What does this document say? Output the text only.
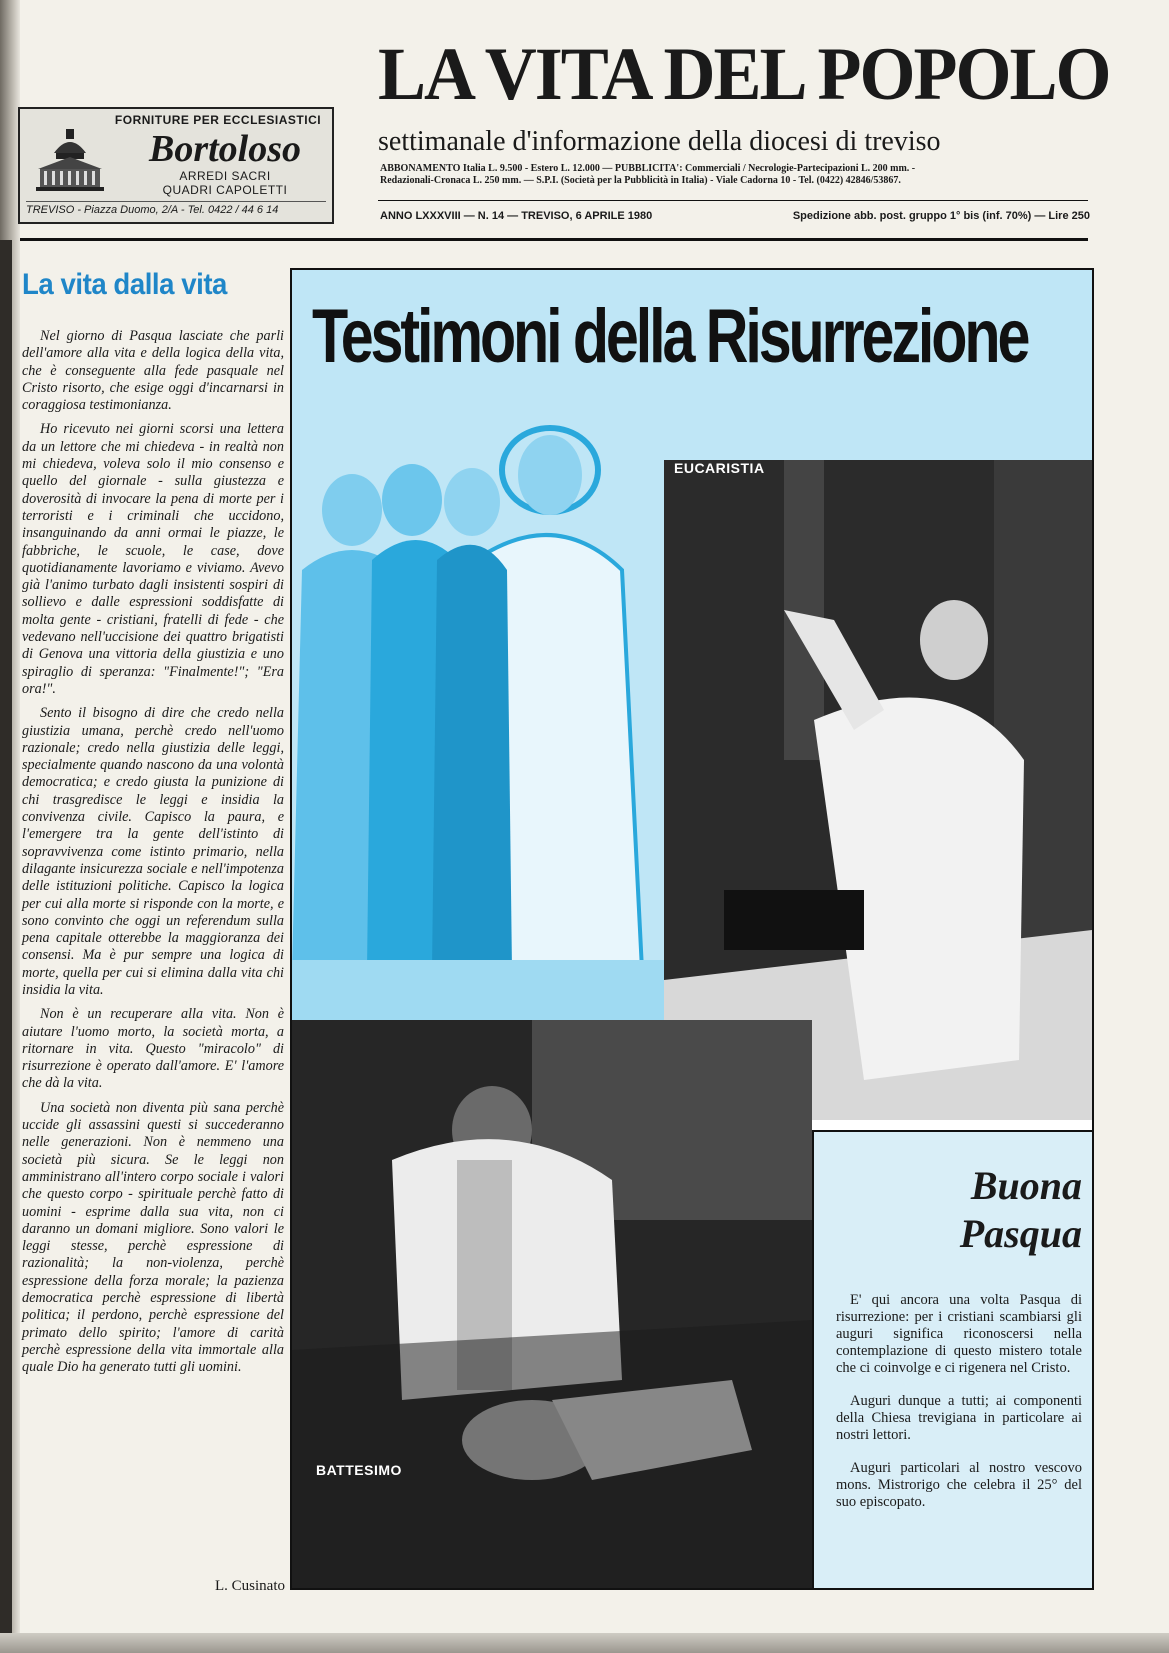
FORNITURE PER ECCLESIASTICI
Bortoloso
ARREDI SACRI
QUADRI CAPOLETTI
TREVISO - Piazza Duomo, 2/A - Tel. 0422 / 44 6 14
LA VITA DEL POPOLO
settimanale d'informazione della diocesi di treviso
ABBONAMENTO Italia L. 9.500 - Estero L. 12.000 — PUBBLICITA': Commerciali / Necrologie-Partecipazioni L. 200 mm. -
Redazionali-Cronaca L. 250 mm. — S.P.I. (Società per la Pubblicità in Italia) - Viale Cadorna 10 - Tel. (0422) 42846/53867.
ANNO LXXXVIII — N. 14 — TREVISO, 6 APRILE 1980	Spedizione abb. post. gruppo 1° bis (inf. 70%) — Lire 250
La vita dalla vita

Nel giorno di Pasqua lasciate che parli dell'amore alla vita e della logica della vita, che è conseguente alla fede pasquale nel Cristo risorto, che esige oggi d'incarnarsi in coraggiosa testimonianza.

Ho ricevuto nei giorni scorsi una lettera da un lettore che mi chiedeva - in realtà non mi chiedeva, voleva solo il mio consenso e quello del giornale - sulla giustezza e doverosità di invocare la pena di morte per i terroristi e i criminali che uccidono, insanguinando da anni ormai le piazze, le fabbriche, le scuole, le case, dove quotidianamente lavoriamo e viviamo. Avevo già l'animo turbato dagli insistenti sospiri di sollievo e dalle espressioni soddisfatte di molta gente - cristiani, fratelli di fede - che vedevano nell'uccisione dei quattro brigatisti di Genova una vittoria della giustizia e uno spiraglio di speranza: "Finalmente!"; "Era ora!".

Sento il bisogno di dire che credo nella giustizia umana, perchè credo nell'uomo razionale; credo nella giustizia delle leggi, specialmente quando nascono da una volontà democratica; e credo giusta la punizione di chi trasgredisce le leggi e insidia la convivenza civile. Capisco la paura, e l'emergere tra la gente dell'istinto di sopravvivenza come istinto primario, nella dilagante insicurezza sociale e nell'impotenza delle istituzioni politiche. Capisco la logica per cui alla morte si risponde con la morte, e sono convinto che oggi un referendum sulla pena capitale otterebbe la maggioranza dei consensi. Ma è pur sempre una logica di morte, quella per cui si elimina dalla vita chi insidia la vita.

Non è un recuperare alla vita. Non è aiutare l'uomo morto, la società morta, a ritornare in vita. Questo "miracolo" di risurrezione è operato dall'amore. E' l'amore che dà la vita.

Una società non diventa più sana perchè uccide gli assassini questi si succederanno nelle generazioni. Non è nemmeno una società più sicura. Se le leggi non amministrano all'intero corpo sociale i valori che questo corpo - spirituale perchè fatto di uomini - esprime dalla sua vita, non ci daranno un domani migliore. Sono valori le leggi stesse, perchè espressione di razionalità; la non-violenza, perchè espressione della forza morale; la pazienza democratica perchè espressione di libertà politica; il perdono, perchè espressione del primato dello spirito; l'amore di carità perchè espressione della vita immortale alla quale Dio ha generato tutti gli uomini.

L. Cusinato
Testimoni della Risurrezione
EUCARISTIA
BATTESIMO
Buona
Pasqua

E' qui ancora una volta Pasqua di risurrezione: per i cristiani scambiarsi gli auguri significa riconoscersi nella contemplazione di questo mistero totale che ci coinvolge e ci rigenera nel Cristo.

Auguri dunque a tutti; ai componenti della Chiesa trevigiana in particolare ai nostri lettori.

Auguri particolari al nostro vescovo mons. Mistrorigo che celebra il 25° del suo episcopato.
